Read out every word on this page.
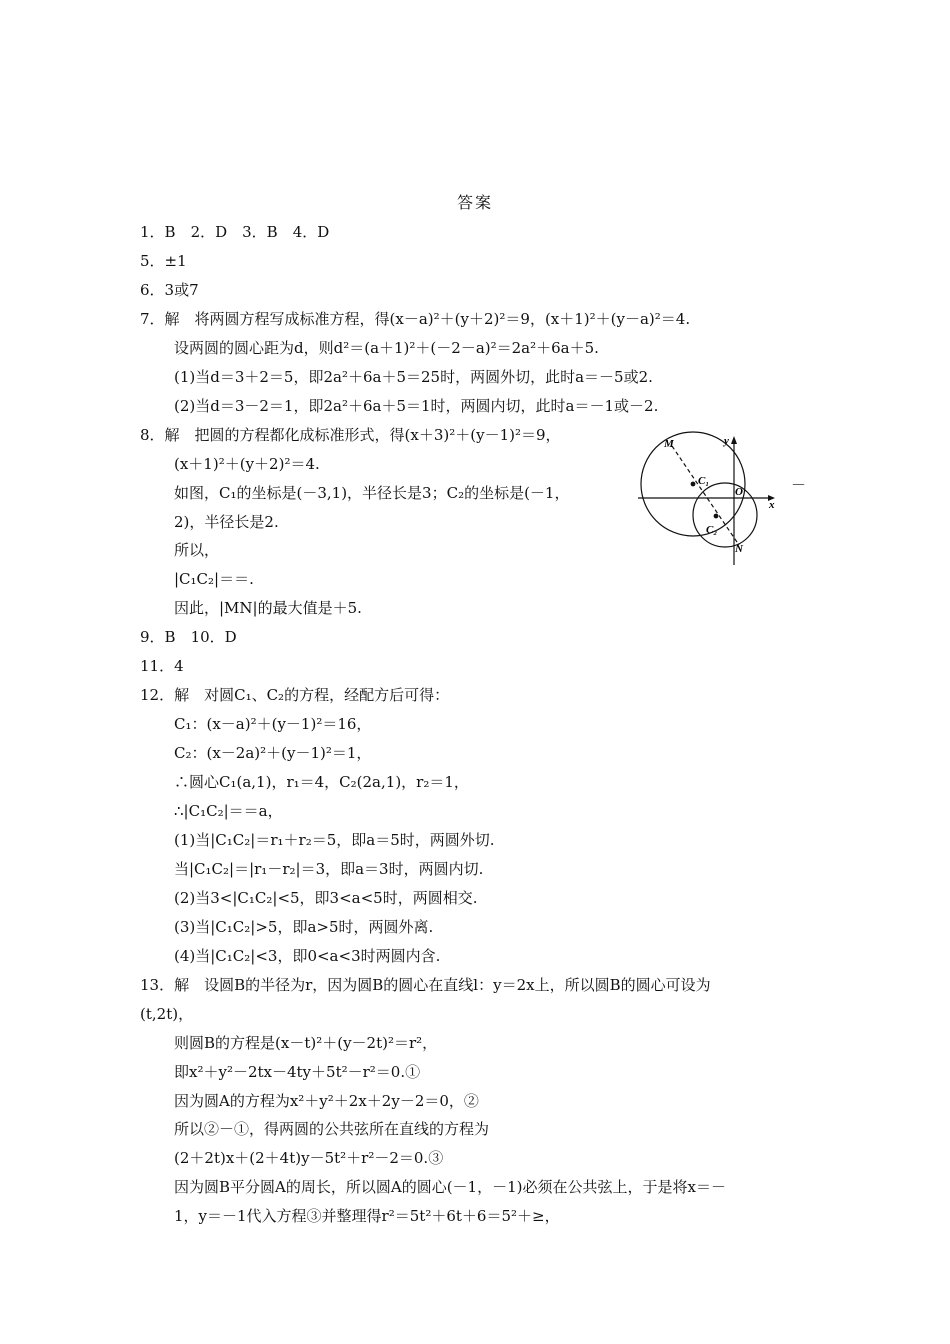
答案
1．B　2．D　3．B　4．D
5．±1
6．3或7
7．解　将两圆方程写成标准方程，得(x－a)²＋(y＋2)²＝9，(x＋1)²＋(y－a)²＝4.
设两圆的圆心距为d，则d²＝(a＋1)²＋(－2－a)²＝2a²＋6a＋5.
(1)当d＝3＋2＝5，即2a²＋6a＋5＝25时，两圆外切，此时a＝－5或2.
(2)当d＝3－2＝1，即2a²＋6a＋5＝1时，两圆内切，此时a＝－1或－2.
8．解　把圆的方程都化成标准形式，得(x＋3)²＋(y－1)²＝9，
(x＋1)²＋(y＋2)²＝4.
如图，C₁的坐标是(－3,1)，半径长是3；C₂的坐标是(－1，
2)，半径长是2.
所以，
|C₁C₂|＝＝.
因此，|MN|的最大值是＋5.
9．B　10．D
11．4
12．解　对圆C₁、C₂的方程，经配方后可得：
C₁：(x－a)²＋(y－1)²＝16，
C₂：(x－2a)²＋(y－1)²＝1，
∴圆心C₁(a,1)，r₁＝4，C₂(2a,1)，r₂＝1，
∴|C₁C₂|＝＝a，
(1)当|C₁C₂|＝r₁＋r₂＝5，即a＝5时，两圆外切.
当|C₁C₂|＝|r₁－r₂|＝3，即a＝3时，两圆内切.
(2)当3<|C₁C₂|<5，即3<a<5时，两圆相交.
(3)当|C₁C₂|>5，即a>5时，两圆外离.
(4)当|C₁C₂|<3，即0<a<3时两圆内含.
13．解　设圆B的半径为r，因为圆B的圆心在直线l：y＝2x上，所以圆B的圆心可设为
(t,2t)，
则圆B的方程是(x－t)²＋(y－2t)²＝r²，
即x²＋y²－2tx－4ty＋5t²－r²＝0.①
因为圆A的方程为x²＋y²＋2x＋2y－2＝0，②
所以②－①，得两圆的公共弦所在直线的方程为
(2＋2t)x＋(2＋4t)y－5t²＋r²－2＝0.③
因为圆B平分圆A的周长，所以圆A的圆心(－1，－1)必须在公共弦上，于是将x＝－
1，y＝－1代入方程③并整理得r²＝5t²＋6t＋6＝5²＋≥，
－
M
C₁
O
x
y
C₂
N
